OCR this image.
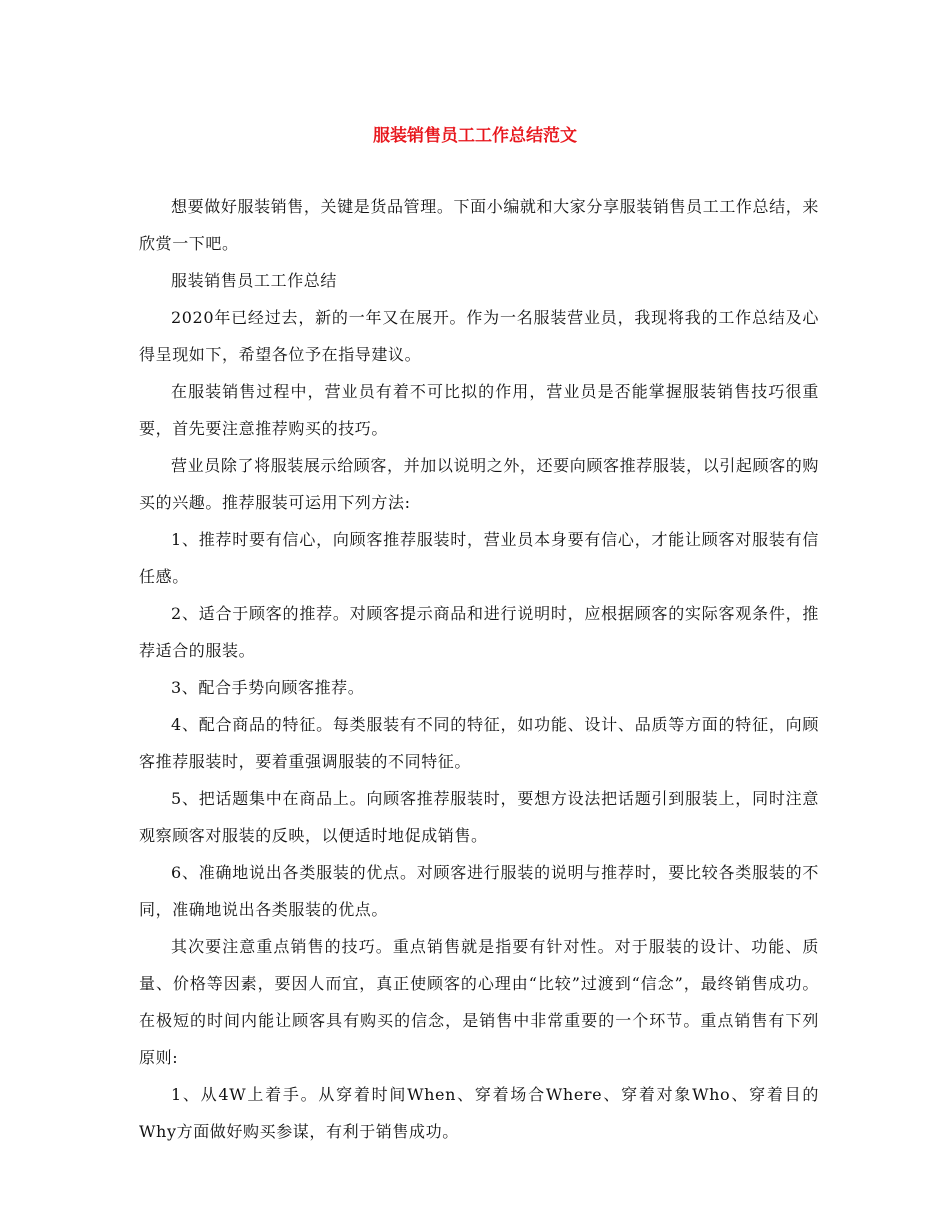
服装销售员工工作总结范文

想要做好服装销售，关键是货品管理。下面小编就和大家分享服装销售员工工作总结，来欣赏一下吧。

服装销售员工工作总结

2020年已经过去，新的一年又在展开。作为一名服装营业员，我现将我的工作总结及心得呈现如下，希望各位予在指导建议。

在服装销售过程中，营业员有着不可比拟的作用，营业员是否能掌握服装销售技巧很重要，首先要注意推荐购买的技巧。

营业员除了将服装展示给顾客，并加以说明之外，还要向顾客推荐服装，以引起顾客的购买的兴趣。推荐服装可运用下列方法:

1、推荐时要有信心，向顾客推荐服装时，营业员本身要有信心，才能让顾客对服装有信任感。

2、适合于顾客的推荐。对顾客提示商品和进行说明时，应根据顾客的实际客观条件，推荐适合的服装。

3、配合手势向顾客推荐。

4、配合商品的特征。每类服装有不同的特征，如功能、设计、品质等方面的特征，向顾客推荐服装时，要着重强调服装的不同特征。

5、把话题集中在商品上。向顾客推荐服装时，要想方设法把话题引到服装上，同时注意观察顾客对服装的反映，以便适时地促成销售。

6、准确地说出各类服装的优点。对顾客进行服装的说明与推荐时，要比较各类服装的不同，准确地说出各类服装的优点。

其次要注意重点销售的技巧。重点销售就是指要有针对性。对于服装的设计、功能、质量、价格等因素，要因人而宜，真正使顾客的心理由“比较”过渡到“信念”，最终销售成功。在极短的时间内能让顾客具有购买的信念，是销售中非常重要的一个环节。重点销售有下列原则:

1、从4W上着手。从穿着时间When、穿着场合Where、穿着对象Who、穿着目的Why方面做好购买参谋，有利于销售成功。
